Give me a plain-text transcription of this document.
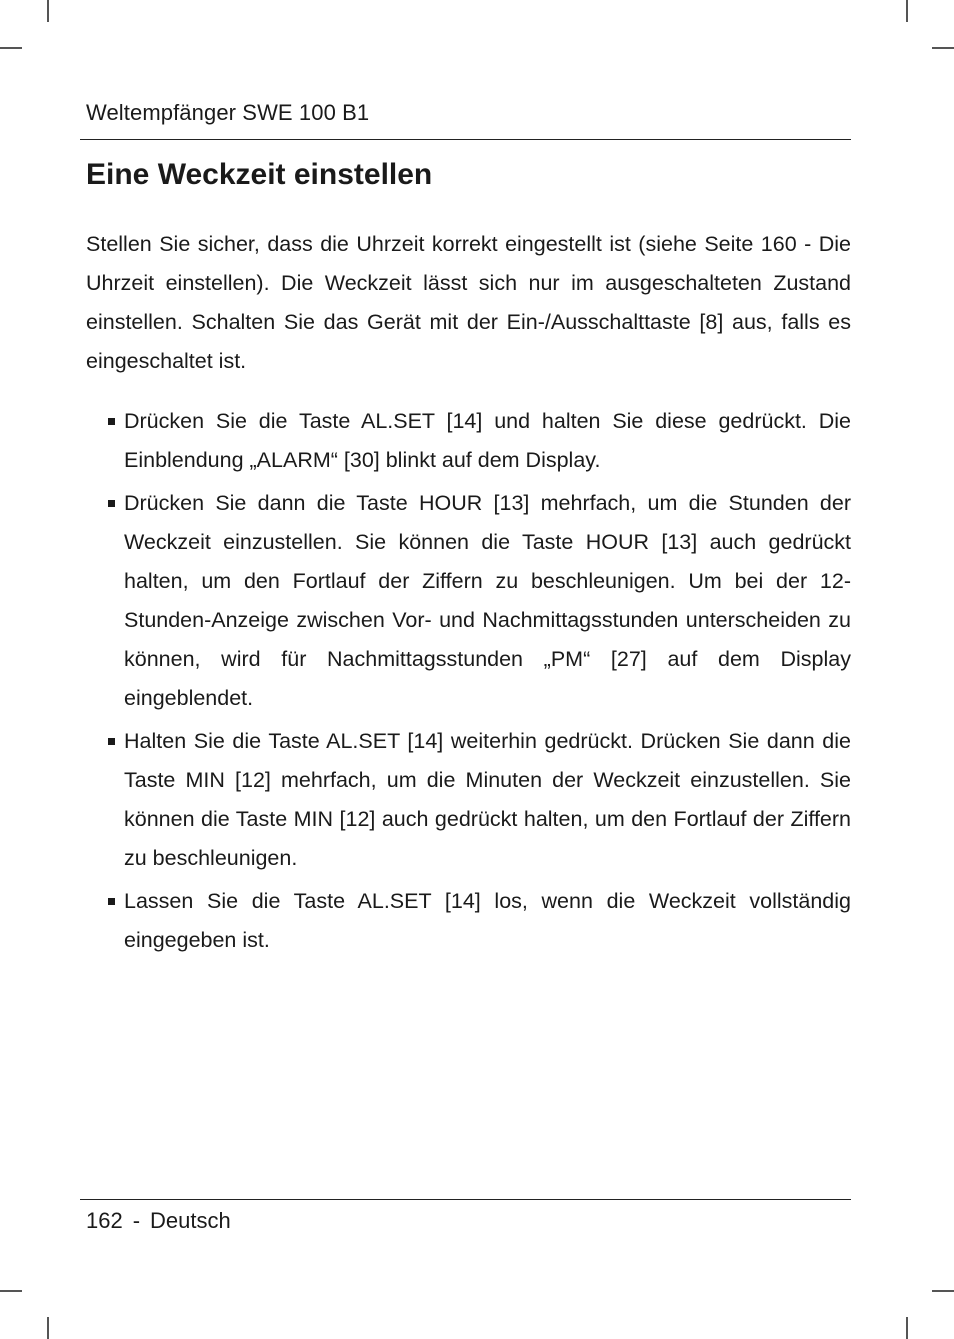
Weltempfänger SWE 100 B1
Eine Weckzeit einstellen

Stellen Sie sicher, dass die Uhrzeit korrekt eingestellt ist (siehe Seite 160 - Die Uhrzeit einstellen). Die Weckzeit lässt sich nur im ausgeschalteten Zustand einstellen. Schalten Sie das Gerät mit der Ein-/Ausschalttaste [8] aus, falls es eingeschaltet ist.

Drücken Sie die Taste AL.SET [14] und halten Sie diese gedrückt. Die Einblendung „ALARM“ [30] blinkt auf dem Display.
Drücken Sie dann die Taste HOUR [13] mehrfach, um die Stunden der Weckzeit einzustellen. Sie können die Taste HOUR [13] auch gedrückt halten, um den Fortlauf der Ziffern zu beschleunigen. Um bei der 12-Stunden-Anzeige zwischen Vor- und Nachmittagsstunden unterscheiden zu können, wird für Nachmittagsstunden „PM“ [27] auf dem Display eingeblendet.
Halten Sie die Taste AL.SET [14] weiterhin gedrückt. Drücken Sie dann die Taste MIN [12] mehrfach, um die Minuten der Weckzeit einzustellen. Sie können die Taste MIN [12] auch gedrückt halten, um den Fortlauf der Ziffern zu beschleunigen.
Lassen Sie die Taste AL.SET [14] los, wenn die Weckzeit vollständig eingegeben ist.
162 - Deutsch
